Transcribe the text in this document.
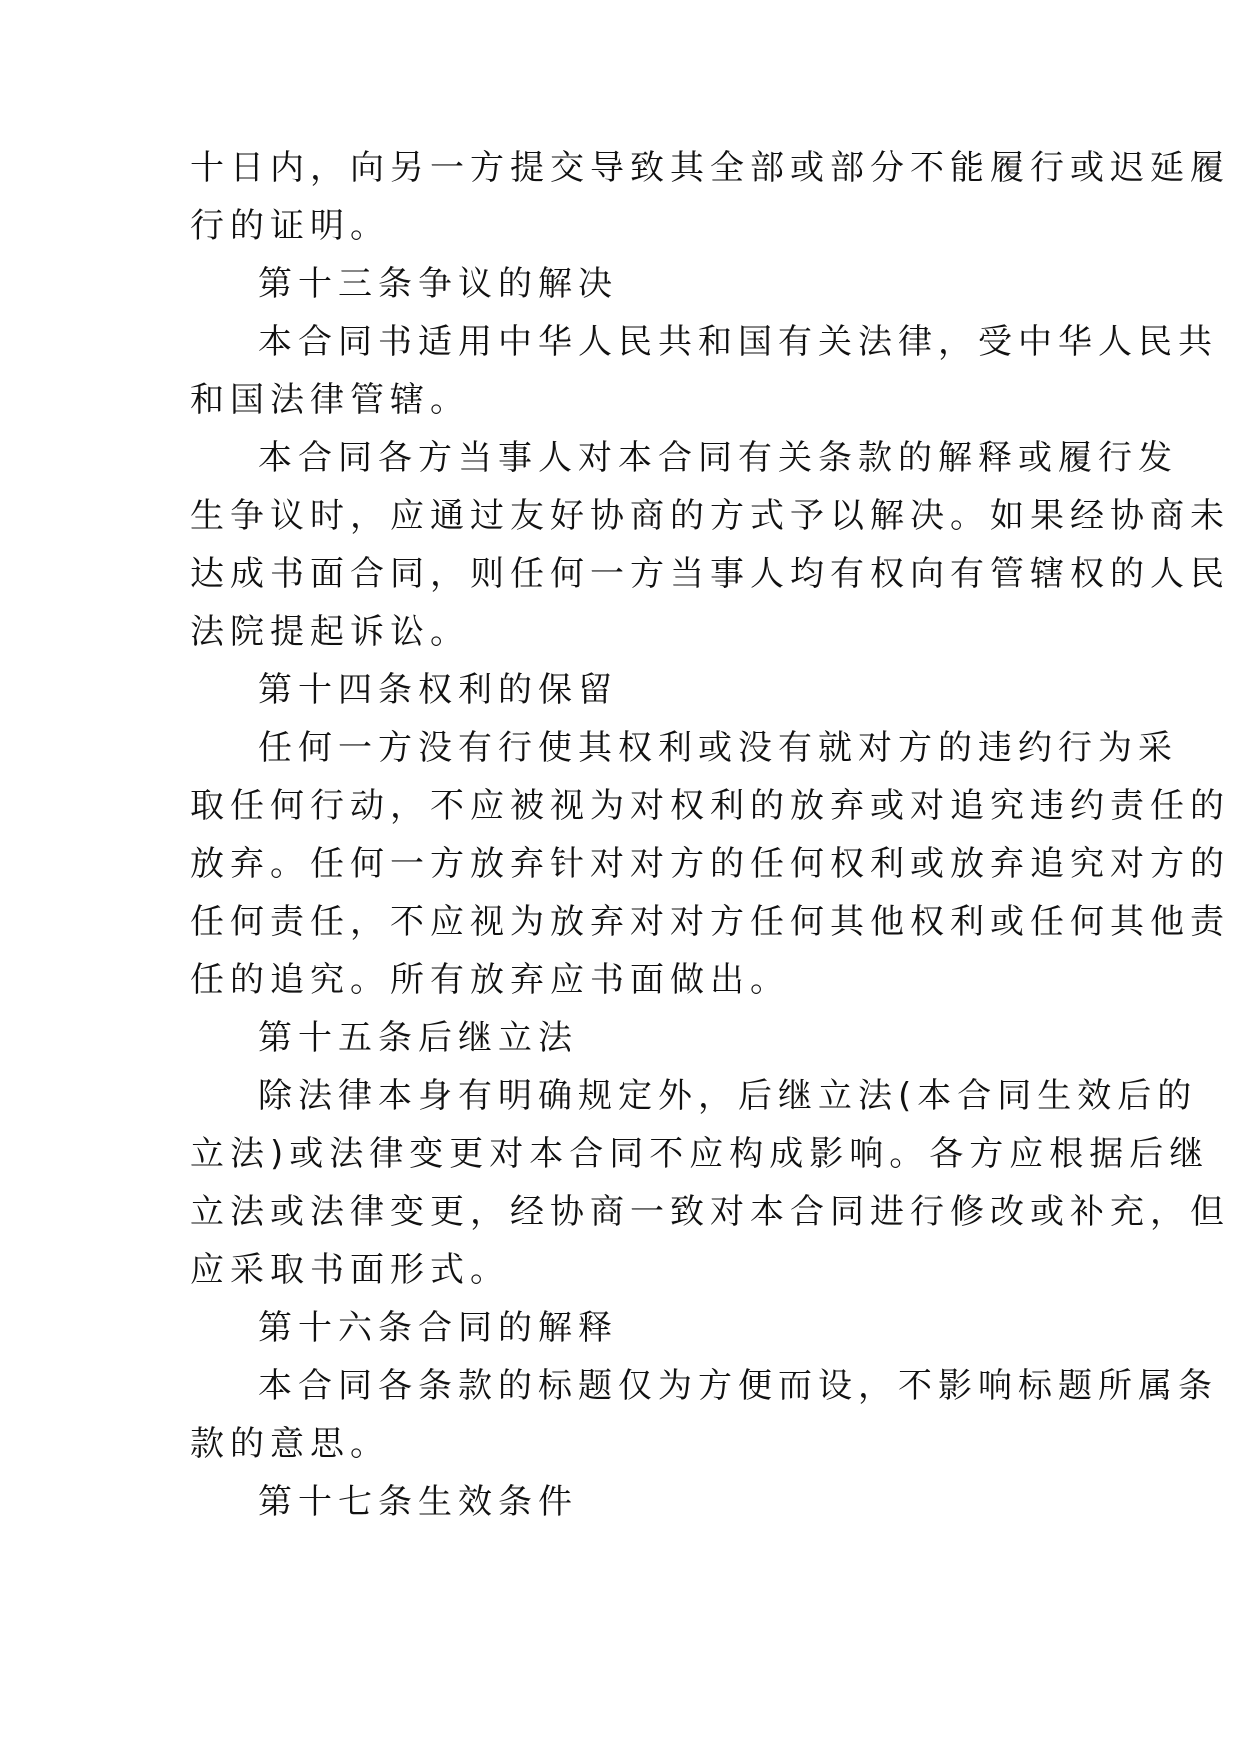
十日内，向另一方提交导致其全部或部分不能履行或迟延履
行的证明。
第十三条争议的解决
本合同书适用中华人民共和国有关法律，受中华人民共
和国法律管辖。
本合同各方当事人对本合同有关条款的解释或履行发
生争议时，应通过友好协商的方式予以解决。如果经协商未
达成书面合同，则任何一方当事人均有权向有管辖权的人民
法院提起诉讼。
第十四条权利的保留
任何一方没有行使其权利或没有就对方的违约行为采
取任何行动，不应被视为对权利的放弃或对追究违约责任的
放弃。任何一方放弃针对对方的任何权利或放弃追究对方的
任何责任，不应视为放弃对对方任何其他权利或任何其他责
任的追究。所有放弃应书面做出。
第十五条后继立法
除法律本身有明确规定外，后继立法(本合同生效后的
立法)或法律变更对本合同不应构成影响。各方应根据后继
立法或法律变更，经协商一致对本合同进行修改或补充，但
应采取书面形式。
第十六条合同的解释
本合同各条款的标题仅为方便而设，不影响标题所属条
款的意思。
第十七条生效条件
